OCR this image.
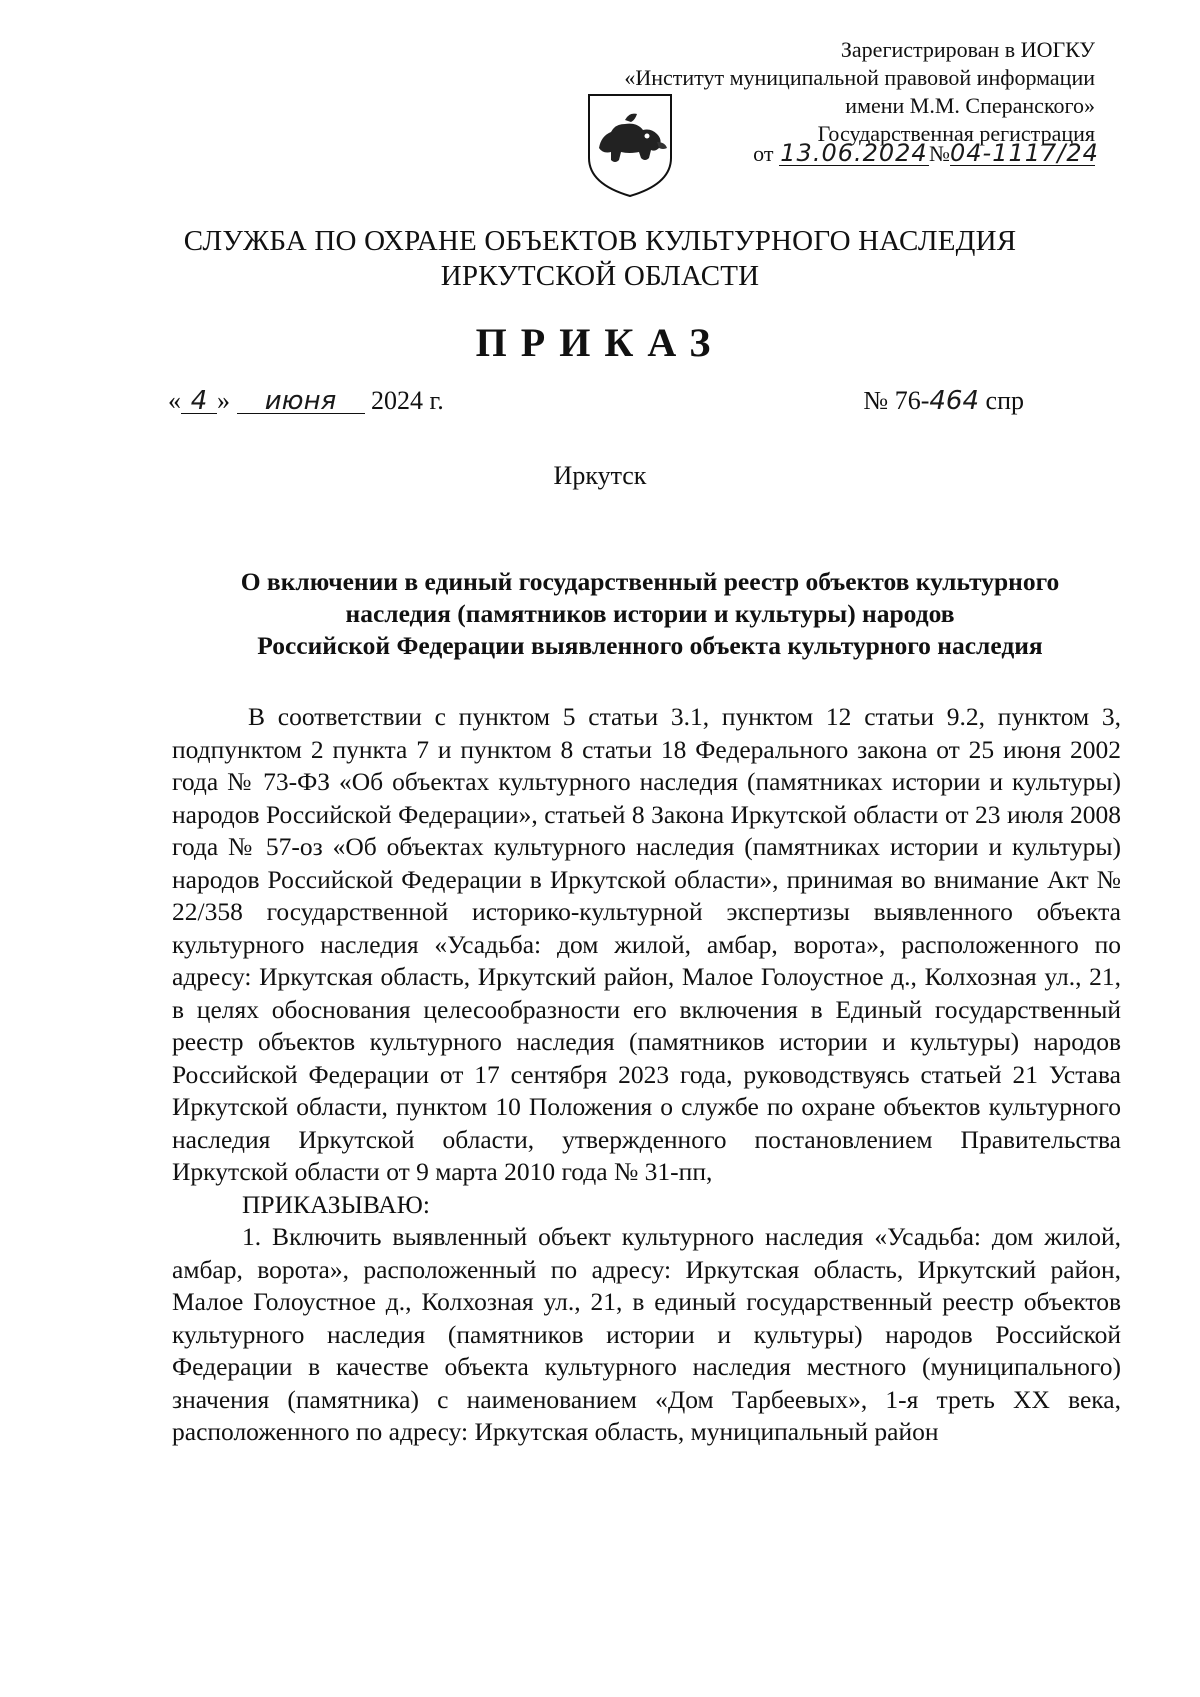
Зарегистрирован в ИОГКУ
«Институт муниципальной правовой информации
имени М.М. Сперанского»
Государственная регистрация
от 13.06.2024№04-1117/24
СЛУЖБА ПО ОХРАНЕ ОБЪЕКТОВ КУЛЬТУРНОГО НАСЛЕДИЯ
ИРКУТСКОЙ ОБЛАСТИ
ПРИКАЗ
« 4 » июня 2024 г.	№ 76-464 спр
Иркутск
О включении в единый государственный реестр объектов культурного
наследия (памятников истории и культуры) народов
Российской Федерации выявленного объекта культурного наследия

В соответствии с пунктом 5 статьи 3.1, пунктом 12 статьи 9.2, пунктом 3, подпунктом 2 пункта 7 и пунктом 8 статьи 18 Федерального закона от 25 июня 2002 года № 73-ФЗ «Об объектах культурного наследия (памятниках истории и культуры) народов Российской Федерации», статьей 8 Закона Иркутской области от 23 июля 2008 года № 57-оз «Об объектах культурного наследия (памятниках истории и культуры) народов Российской Федерации в Иркутской области», принимая во внимание Акт № 22/358 государственной историко-культурной экспертизы выявленного объекта культурного наследия «Усадьба: дом жилой, амбар, ворота», расположенного по адресу: Иркутская область, Иркутский район, Малое Голоустное д., Колхозная ул., 21, в целях обоснования целесообразности его включения в Единый государственный реестр объектов культурного наследия (памятников истории и культуры) народов Российской Федерации от 17 сентября 2023 года, руководствуясь статьей 21 Устава Иркутской области, пунктом 10 Положения о службе по охране объектов культурного наследия Иркутской области, утвержденного постановлением Правительства Иркутской области от 9 марта 2010 года № 31-пп,

ПРИКАЗЫВАЮ:

1. Включить выявленный объект культурного наследия «Усадьба: дом жилой, амбар, ворота», расположенный по адресу: Иркутская область, Иркутский район, Малое Голоустное д., Колхозная ул., 21, в единый государственный реестр объектов культурного наследия (памятников истории и культуры) народов Российской Федерации в качестве объекта культурного наследия местного (муниципального) значения (памятника) с наименованием «Дом Тарбеевых», 1-я треть XX века, расположенного по адресу: Иркутская область, муниципальный район
